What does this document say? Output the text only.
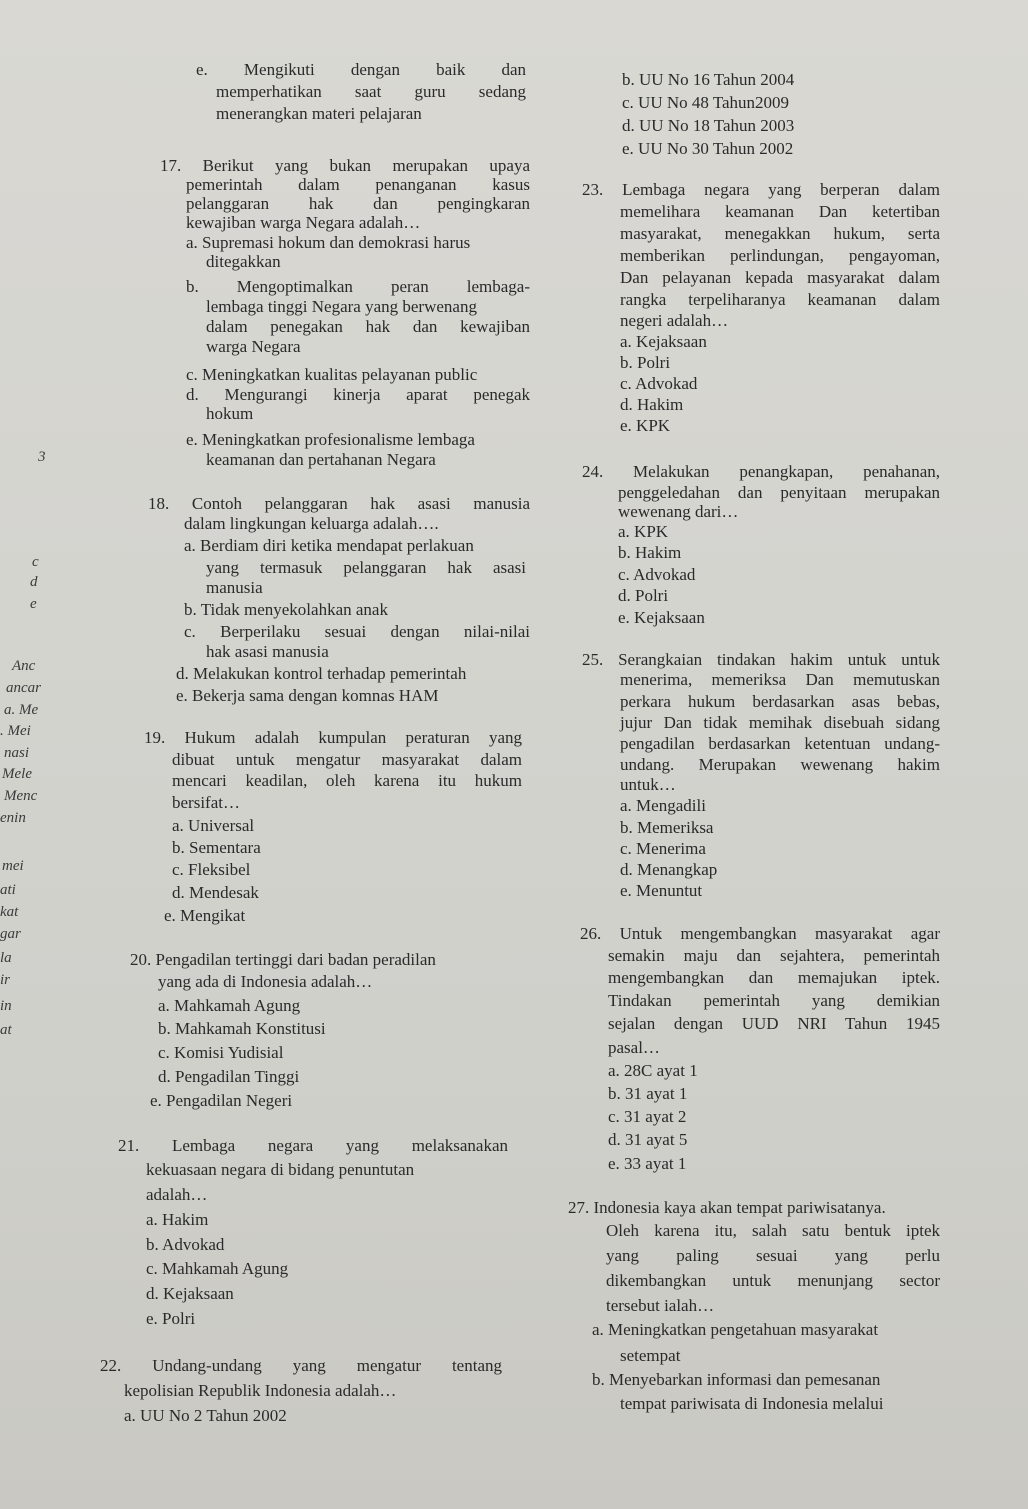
3
c
d
e
Anc
ancar
a. Me
. Mei
nasi
Mele
Menc
enin
mei
ati
kat
gar
la
ir
in
at
e. Mengikuti dengan baik dan
memperhatikan saat guru sedang
menerangkan materi pelajaran
17. Berikut yang bukan merupakan upaya
pemerintah dalam penanganan kasus
pelanggaran hak dan pengingkaran
kewajiban warga Negara adalah…
a. Supremasi hokum dan demokrasi harus
ditegakkan
b. Mengoptimalkan peran lembaga-
lembaga tinggi Negara yang berwenang
dalam penegakan hak dan kewajiban
warga Negara
c. Meningkatkan kualitas pelayanan public
d. Mengurangi kinerja aparat penegak
hokum
e. Meningkatkan profesionalisme lembaga
keamanan dan pertahanan Negara
18. Contoh pelanggaran hak asasi manusia
dalam lingkungan keluarga adalah….
a. Berdiam diri ketika mendapat perlakuan
yang termasuk pelanggaran hak asasi
manusia
b. Tidak menyekolahkan anak
c. Berperilaku sesuai dengan nilai-nilai
hak asasi manusia
d. Melakukan kontrol terhadap pemerintah
e. Bekerja sama dengan komnas HAM
19. Hukum adalah kumpulan peraturan yang
dibuat untuk mengatur masyarakat dalam
mencari keadilan, oleh karena itu hukum
bersifat…
a. Universal
b. Sementara
c. Fleksibel
d. Mendesak
e. Mengikat
20. Pengadilan tertinggi dari badan peradilan
yang ada di Indonesia adalah…
a. Mahkamah Agung
b. Mahkamah Konstitusi
c. Komisi Yudisial
d. Pengadilan Tinggi
e. Pengadilan Negeri
21. Lembaga negara yang melaksanakan
kekuasaan negara di bidang penuntutan
adalah…
a. Hakim
b. Advokad
c. Mahkamah Agung
d. Kejaksaan
e. Polri
22. Undang-undang yang mengatur tentang
kepolisian Republik Indonesia adalah…
a. UU No 2 Tahun 2002
b. UU No 16 Tahun 2004
c. UU No 48 Tahun2009
d. UU No 18 Tahun 2003
e. UU No 30 Tahun 2002
23. Lembaga negara yang berperan dalam
memelihara keamanan Dan ketertiban
masyarakat, menegakkan hukum, serta
memberikan perlindungan, pengayoman,
Dan pelayanan kepada masyarakat dalam
rangka terpeliharanya keamanan dalam
negeri adalah…
a. Kejaksaan
b. Polri
c. Advokad
d. Hakim
e. KPK
24. Melakukan penangkapan, penahanan,
penggeledahan dan penyitaan merupakan
wewenang dari…
a. KPK
b. Hakim
c. Advokad
d. Polri
e. Kejaksaan
25. Serangkaian tindakan hakim untuk untuk
menerima, memeriksa Dan memutuskan
perkara hukum berdasarkan asas bebas,
jujur Dan tidak memihak disebuah sidang
pengadilan berdasarkan ketentuan undang-
undang. Merupakan wewenang hakim
untuk…
a. Mengadili
b. Memeriksa
c. Menerima
d. Menangkap
e. Menuntut
26. Untuk mengembangkan masyarakat agar
semakin maju dan sejahtera, pemerintah
mengembangkan dan memajukan iptek.
Tindakan pemerintah yang demikian
sejalan dengan UUD NRI Tahun 1945
pasal…
a. 28C ayat 1
b. 31 ayat 1
c. 31 ayat 2
d. 31 ayat 5
e. 33 ayat 1
27. Indonesia kaya akan tempat pariwisatanya.
Oleh karena itu, salah satu bentuk iptek
yang paling sesuai yang perlu
dikembangkan untuk menunjang sector
tersebut ialah…
a. Meningkatkan pengetahuan masyarakat
setempat
b. Menyebarkan informasi dan pemesanan
tempat pariwisata di Indonesia melalui
